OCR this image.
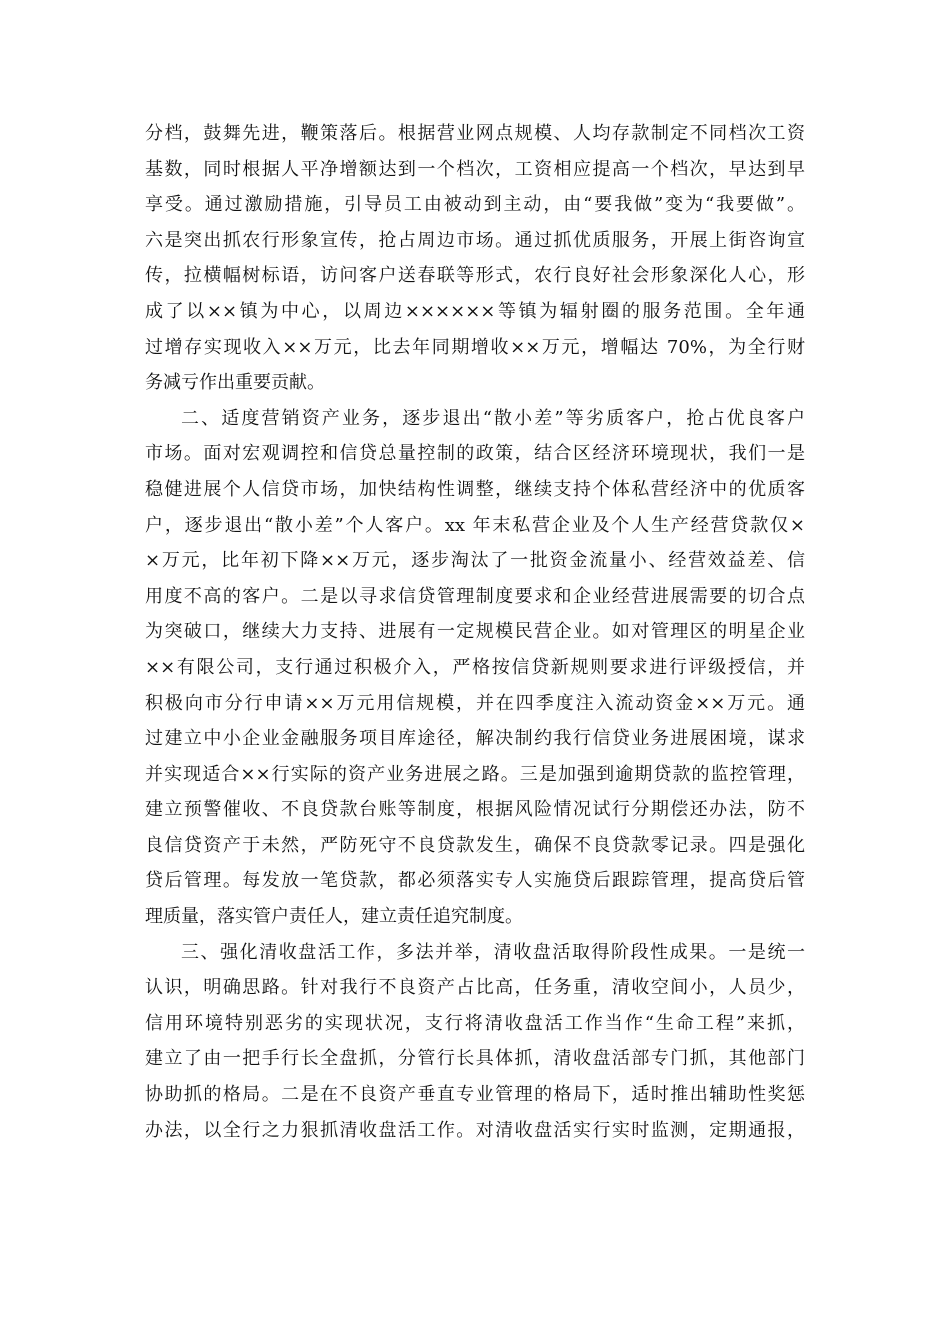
分档，鼓舞先进，鞭策落后。根据营业网点规模、人均存款制定不同档次工资
基数，同时根据人平净增额达到一个档次，工资相应提高一个档次，早达到早
享受。通过激励措施，引导员工由被动到主动，由“要我做”变为“我要做”。
六是突出抓农行形象宣传，抢占周边市场。通过抓优质服务，开展上街咨询宣
传，拉横幅树标语，访问客户送春联等形式，农行良好社会形象深化人心，形
成了以××镇为中心，以周边××××××等镇为辐射圈的服务范围。全年通
过增存实现收入××万元，比去年同期增收××万元，增幅达 70%，为全行财
务减亏作出重要贡献。
二、适度营销资产业务，逐步退出“散小差”等劣质客户，抢占优良客户
市场。面对宏观调控和信贷总量控制的政策，结合区经济环境现状，我们一是
稳健进展个人信贷市场，加快结构性调整，继续支持个体私营经济中的优质客
户，逐步退出“散小差”个人客户。xx 年末私营企业及个人生产经营贷款仅×
×万元，比年初下降××万元，逐步淘汰了一批资金流量小、经营效益差、信
用度不高的客户。二是以寻求信贷管理制度要求和企业经营进展需要的切合点
为突破口，继续大力支持、进展有一定规模民营企业。如对管理区的明星企业
××有限公司，支行通过积极介入，严格按信贷新规则要求进行评级授信，并
积极向市分行申请××万元用信规模，并在四季度注入流动资金××万元。通
过建立中小企业金融服务项目库途径，解决制约我行信贷业务进展困境，谋求
并实现适合××行实际的资产业务进展之路。三是加强到逾期贷款的监控管理，
建立预警催收、不良贷款台账等制度，根据风险情况试行分期偿还办法，防不
良信贷资产于未然，严防死守不良贷款发生，确保不良贷款零记录。四是强化
贷后管理。每发放一笔贷款，都必须落实专人实施贷后跟踪管理，提高贷后管
理质量，落实管户责任人，建立责任追究制度。
三、强化清收盘活工作，多法并举，清收盘活取得阶段性成果。一是统一
认识，明确思路。针对我行不良资产占比高，任务重，清收空间小，人员少，
信用环境特别恶劣的实现状况，支行将清收盘活工作当作“生命工程”来抓，
建立了由一把手行长全盘抓，分管行长具体抓，清收盘活部专门抓，其他部门
协助抓的格局。二是在不良资产垂直专业管理的格局下，适时推出辅助性奖惩
办法，以全行之力狠抓清收盘活工作。对清收盘活实行实时监测，定期通报，
